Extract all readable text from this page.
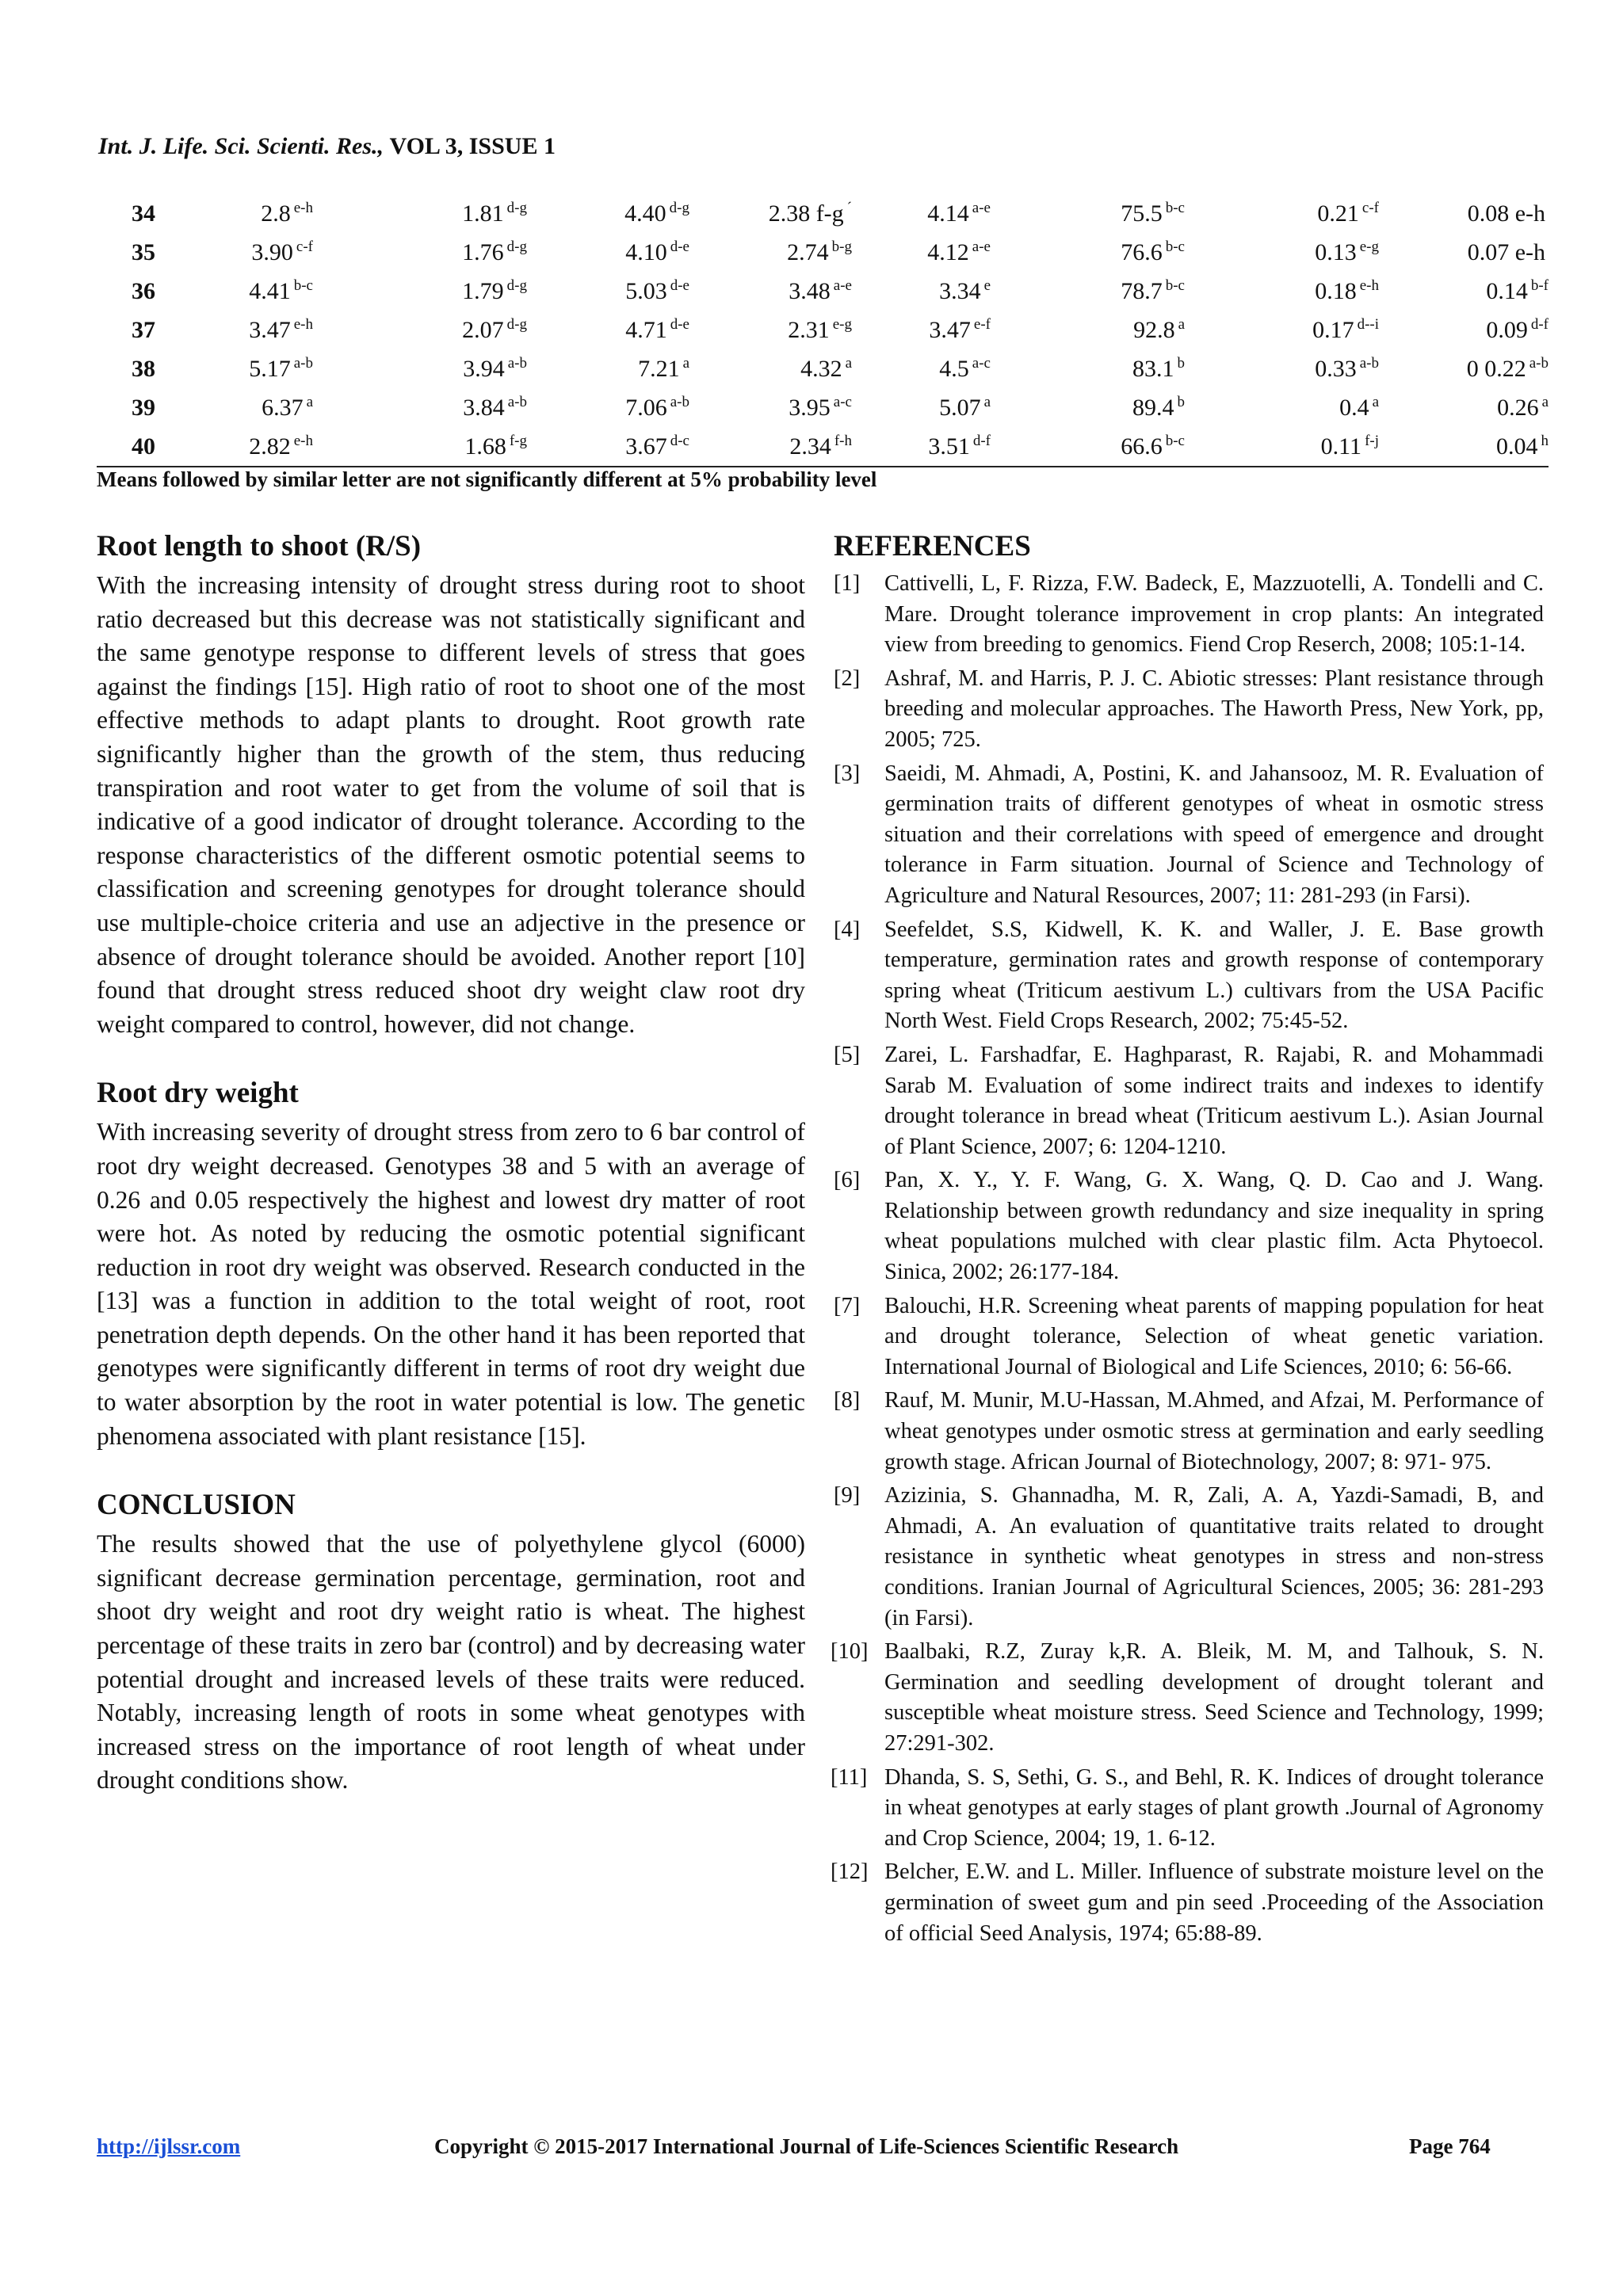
Int. J. Life. Sci. Scienti. Res., VOL 3, ISSUE 1
34	2.8 $^{e-h}$	1.81 $^{d-g}$	4.40 $^{d-g}$	2.38 f-g ´	4.14 $^{a-e}$	75.5 $^{b-c}$	0.21 $^{c-f}$	0.08 e-h
35	3.90 $^{c-f}$	1.76 $^{d-g}$	4.10 $^{d-e}$	2.74 $^{b-g}$	4.12 $^{a-e}$	76.6 $^{b-c}$	0.13 $^{e-g}$	0.07 e-h
36	4.41 $^{b-c}$	1.79 $^{d-g}$	5.03 $^{d-e}$	3.48 $^{a-e}$	3.34 $^e$	78.7 $^{b-c}$	0.18 $^{e-h}$	0.14 $^{b-f}$
37	3.47 $^{e-h}$	2.07 $^{d-g}$	4.71 $^{d-e}$	2.31 $^{e-g}$	3.47 $^{e-f}$	92.8 $^a$	0.17 $^{d--i}$	0.09 $^{d-f}$
38	5.17 $^{a-b}$	3.94 $^{a-b}$	7.21 $^a$	4.32 $^a$	4.5 $^{a-c}$	83.1 $^b$	0.33 $^{a-b}$	0 0.22 $^{a-b}$
39	6.37 $^a$	3.84 $^{a-b}$	7.06 $^{a-b}$	3.95 $^{a-c}$	5.07 $^a$	89.4 $^b$	0.4 $^a$	0.26 $^a$
40	2.82 $^{e-h}$	1.68 $^{f-g}$	3.67 $^{d-c}$	2.34 $^{f-h}$	3.51 $^{d-f}$	66.6 $^{b-c}$	0.11 $^{f-j}$	0.04 $^h$
Means followed by similar letter are not significantly different at 5% probability level
Root length to shoot (R/S)

With the increasing intensity of drought stress during root to shoot ratio decreased but this decrease was not statistically significant and the same genotype response to different levels of stress that goes against the findings [15]. High ratio of root to shoot one of the most effective methods to adapt plants to drought. Root growth rate significantly higher than the growth of the stem, thus reducing transpiration and root water to get from the volume of soil that is indicative of a good indicator of drought tolerance. According to the response characteristics of the different osmotic potential seems to classification and screening genotypes for drought tolerance should use multiple-choice criteria and use an adjective in the presence or absence of drought tolerance should be avoided. Another report [10] found that drought stress reduced shoot dry weight claw root dry weight compared to control, however, did not change.

Root dry weight

With increasing severity of drought stress from zero to 6 bar control of root dry weight decreased. Genotypes 38 and 5 with an average of 0.26 and 0.05 respectively the highest and lowest dry matter of root were hot. As noted by reducing the osmotic potential significant reduction in root dry weight was observed. Research conducted in the [13] was a function in addition to the total weight of root, root penetration depth depends. On the other hand it has been reported that genotypes were significantly different in terms of root dry weight due to water absorption by the root in water potential is low. The genetic phenomena associated with plant resistance [15].

CONCLUSION

The results showed that the use of polyethylene glycol (6000) significant decrease germination percentage, germination, root and shoot dry weight and root dry weight ratio is wheat. The highest percentage of these traits in zero bar (control) and by decreasing water potential drought and increased levels of these traits were reduced. Notably, increasing length of roots in some wheat genotypes with increased stress on the importance of root length of wheat under drought conditions show.

REFERENCES
[1] Cattivelli, L, F. Rizza, F.W. Badeck, E, Mazzuotelli, A. Tondelli and C. Mare. Drought tolerance improvement in crop plants: An integrated view from breeding to genomics. Fiend Crop Reserch, 2008; 105:1-14.
[2] Ashraf, M. and Harris, P. J. C. Abiotic stresses: Plant resistance through breeding and molecular approaches. The Haworth Press, New York, pp, 2005; 725.
[3] Saeidi, M. Ahmadi, A, Postini, K. and Jahansooz, M. R. Evaluation of germination traits of different genotypes of wheat in osmotic stress situation and their correlations with speed of emergence and drought tolerance in Farm situation. Journal of Science and Technology of Agriculture and Natural Resources, 2007; 11: 281-293 (in Farsi).
[4] Seefeldet, S.S, Kidwell, K. K. and Waller, J. E. Base growth temperature, germination rates and growth response of contemporary spring wheat (Triticum aestivum L.) cultivars from the USA Pacific North West. Field Crops Research, 2002; 75:45-52.
[5] Zarei, L. Farshadfar, E. Haghparast, R. Rajabi, R. and Mohammadi Sarab M. Evaluation of some indirect traits and indexes to identify drought tolerance in bread wheat (Triticum aestivum L.). Asian Journal of Plant Science, 2007; 6: 1204-1210.
[6] Pan, X. Y., Y. F. Wang, G. X. Wang, Q. D. Cao and J. Wang. Relationship between growth redundancy and size inequality in spring wheat populations mulched with clear plastic film. Acta Phytoecol. Sinica, 2002; 26:177-184.
[7] Balouchi, H.R. Screening wheat parents of mapping population for heat and drought tolerance, Selection of wheat genetic variation. International Journal of Biological and Life Sciences, 2010; 6: 56-66.
[8] Rauf, M. Munir, M.U-Hassan, M.Ahmed, and Afzai, M. Performance of wheat genotypes under osmotic stress at germination and early seedling growth stage. African Journal of Biotechnology, 2007; 8: 971- 975.
[9] Azizinia, S. Ghannadha, M. R, Zali, A. A, Yazdi-Samadi, B, and Ahmadi, A. An evaluation of quantitative traits related to drought resistance in synthetic wheat genotypes in stress and non-stress conditions. Iranian Journal of Agricultural Sciences, 2005; 36: 281-293 (in Farsi).
[10] Baalbaki, R.Z, Zuray k,R. A. Bleik, M. M, and Talhouk, S. N. Germination and seedling development of drought tolerant and susceptible wheat moisture stress. Seed Science and Technology, 1999; 27:291-302.
[11] Dhanda, S. S, Sethi, G. S., and Behl, R. K. Indices of drought tolerance in wheat genotypes at early stages of plant growth .Journal of Agronomy and Crop Science, 2004; 19, 1. 6-12.
[12] Belcher, E.W. and L. Miller. Influence of substrate moisture level on the germination of sweet gum and pin seed .Proceeding of the Association of official Seed Analysis, 1974; 65:88-89.
http://ijlssr.com	Copyright © 2015-2017 International Journal of Life-Sciences Scientific Research	Page 764
